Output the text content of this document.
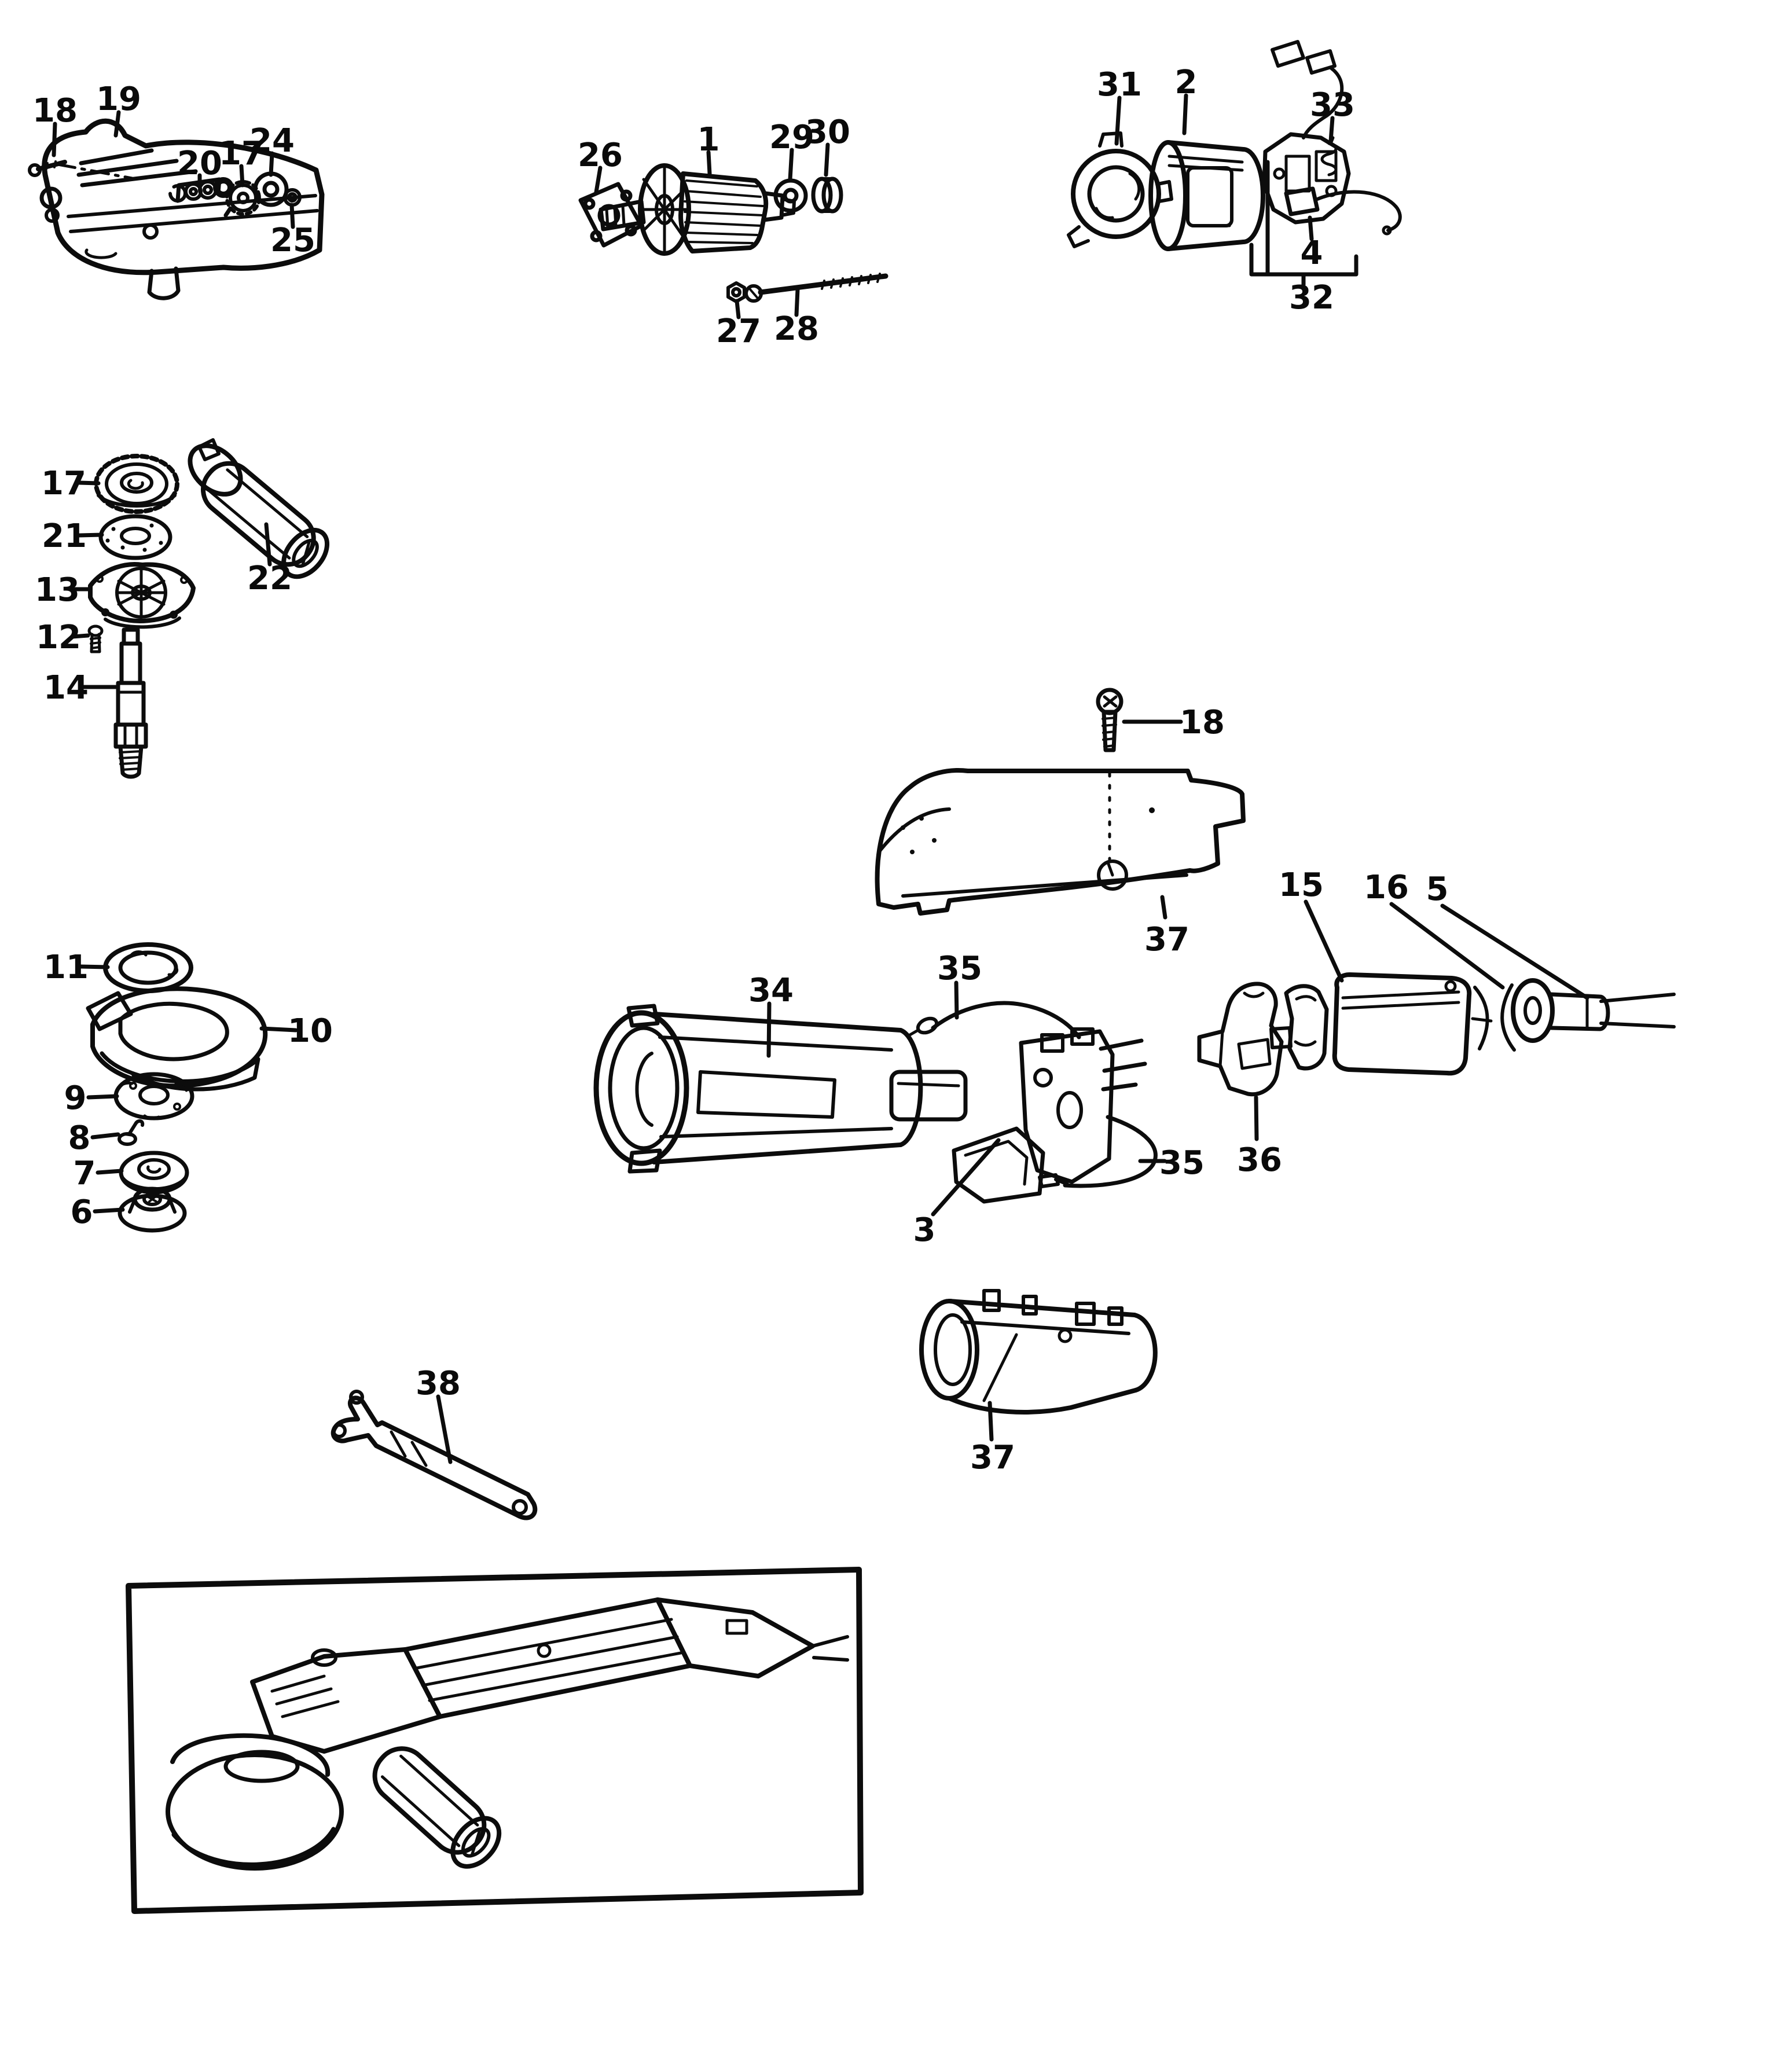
18 19
20
17
24
25
26 1 29
30
31 2
33
4
32
27 28
17
21
13
12
14
22
11
10
9
8
7
6
18
37
34
35
3
35 36
15 16 5
38
37
